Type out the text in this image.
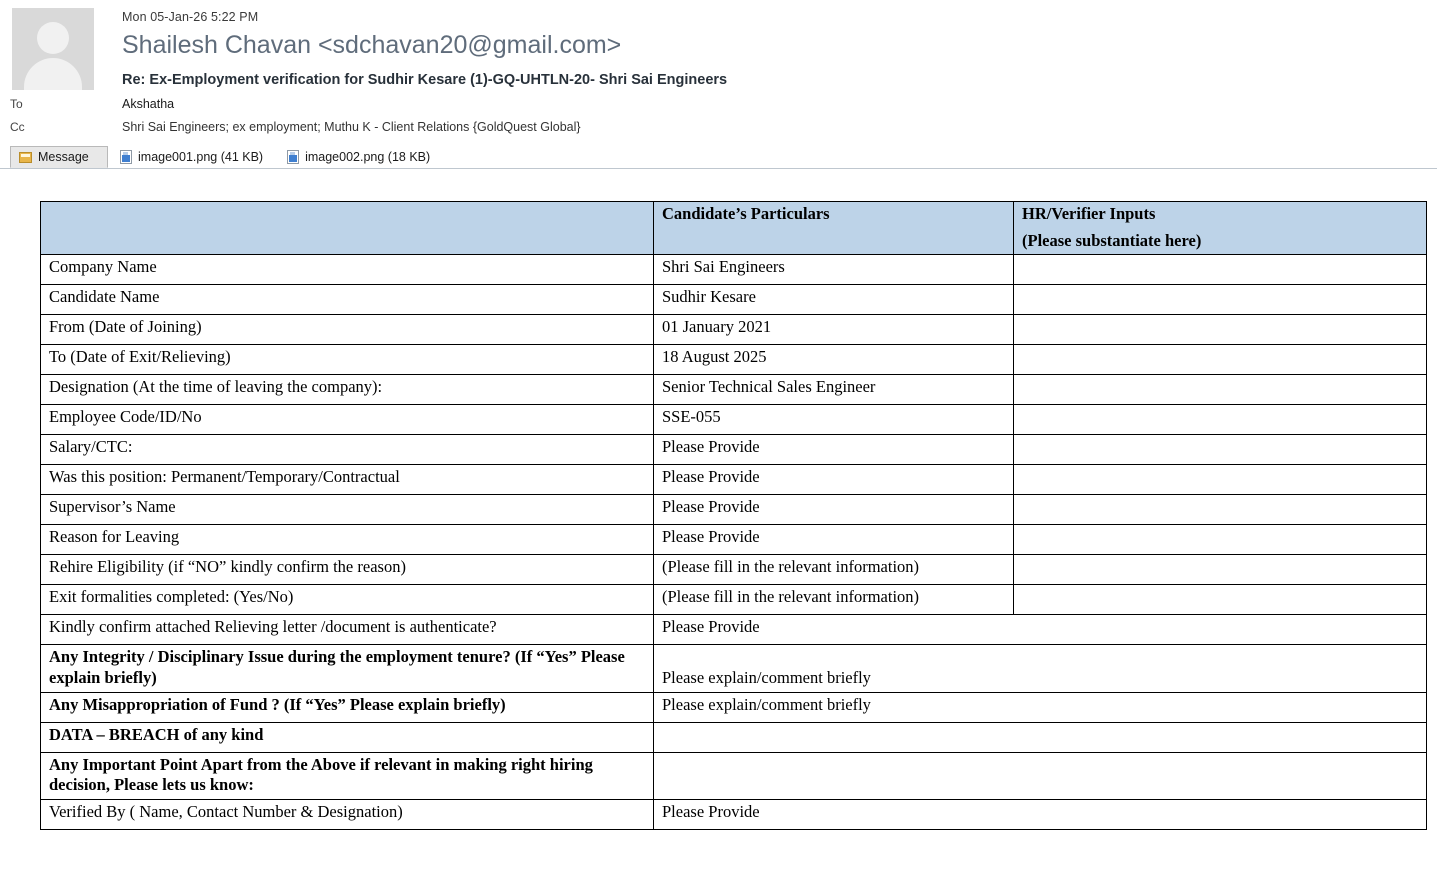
Mon 05-Jan-26 5:22 PM
Shailesh Chavan <sdchavan20@gmail.com>
Re: Ex-Employment verification for Sudhir Kesare (1)-GQ-UHTLN-20- Shri Sai Engineers
To	Akshatha
Cc	Shri Sai Engineers; ex employment; Muthu K - Client Relations {GoldQuest Global}
Message	image001.png (41 KB)	image002.png (18 KB)
	Candidate’s Particulars	HR/Verifier Inputs
(Please substantiate here)

Company Name	Shri Sai Engineers	
Candidate Name	Sudhir Kesare	
From (Date of Joining)	01 January 2021	
To (Date of Exit/Relieving)	18 August 2025	
Designation (At the time of leaving the company):	Senior Technical Sales Engineer	
Employee Code/ID/No	SSE-055	
Salary/CTC:	Please Provide	
Was this position: Permanent/Temporary/Contractual	Please Provide	
Supervisor’s Name	Please Provide	
Reason for Leaving	Please Provide	
Rehire Eligibility (if “NO” kindly confirm the reason)	(Please fill in the relevant information)	
Exit formalities completed: (Yes/No)	(Please fill in the relevant information)	
Kindly confirm attached Relieving letter /document is authenticate?	Please Provide	
Any Integrity / Disciplinary Issue during the employment tenure? (If “Yes” Please explain briefly)	Please explain/comment briefly	
Any Misappropriation of Fund ? (If “Yes” Please explain briefly)	Please explain/comment briefly	
DATA – BREACH of any kind		
Any Important Point Apart from the Above if relevant in making right hiring decision, Please lets us know:		
Verified By ( Name, Contact Number & Designation)	Please Provide	
